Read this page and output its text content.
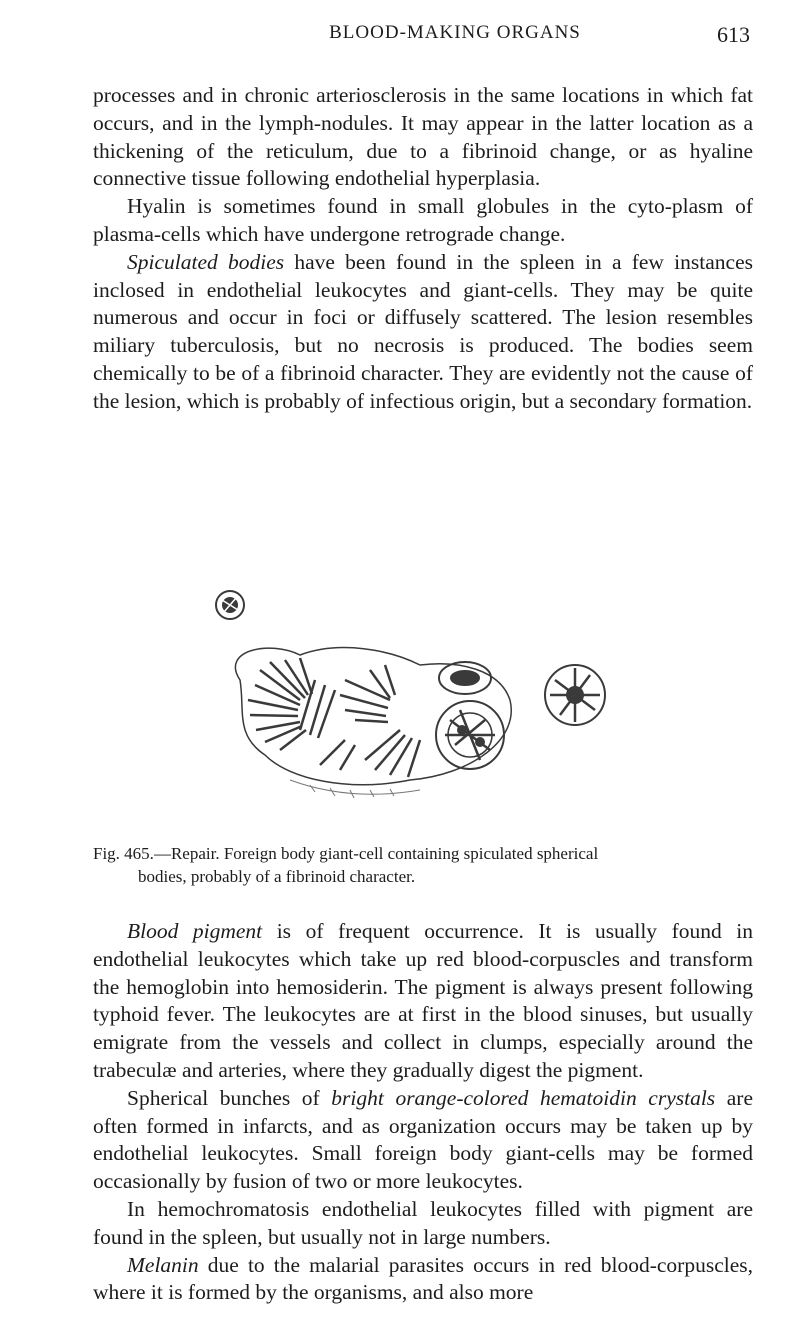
BLOOD-MAKING ORGANS	613

processes and in chronic arteriosclerosis in the same locations in which fat occurs, and in the lymph-nodules. It may appear in the latter location as a thickening of the reticulum, due to a fibrinoid change, or as hyaline connective tissue following endothelial hyperplasia.

Hyalin is sometimes found in small globules in the cyto-plasm of plasma-cells which have undergone retrograde change.

Spiculated bodies have been found in the spleen in a few instances inclosed in endothelial leukocytes and giant-cells. They may be quite numerous and occur in foci or diffusely scattered. The lesion resembles miliary tuberculosis, but no necrosis is produced. The bodies seem chemically to be of a fibrinoid character. They are evidently not the cause of the lesion, which is probably of infectious origin, but a secondary formation.

Fig. 465.—Repair. Foreign body giant-cell containing spiculated spherical
bodies, probably of a fibrinoid character.

Blood pigment is of frequent occurrence. It is usually found in endothelial leukocytes which take up red blood-corpuscles and transform the hemoglobin into hemosiderin. The pigment is always present following typhoid fever. The leukocytes are at first in the blood sinuses, but usually emigrate from the vessels and collect in clumps, especially around the trabeculæ and arteries, where they gradually digest the pigment.

Spherical bunches of bright orange-colored hematoidin crystals are often formed in infarcts, and as organization occurs may be taken up by endothelial leukocytes. Small foreign body giant-cells may be formed occasionally by fusion of two or more leukocytes.

In hemochromatosis endothelial leukocytes filled with pigment are found in the spleen, but usually not in large numbers.

Melanin due to the malarial parasites occurs in red blood-corpuscles, where it is formed by the organisms, and also more
